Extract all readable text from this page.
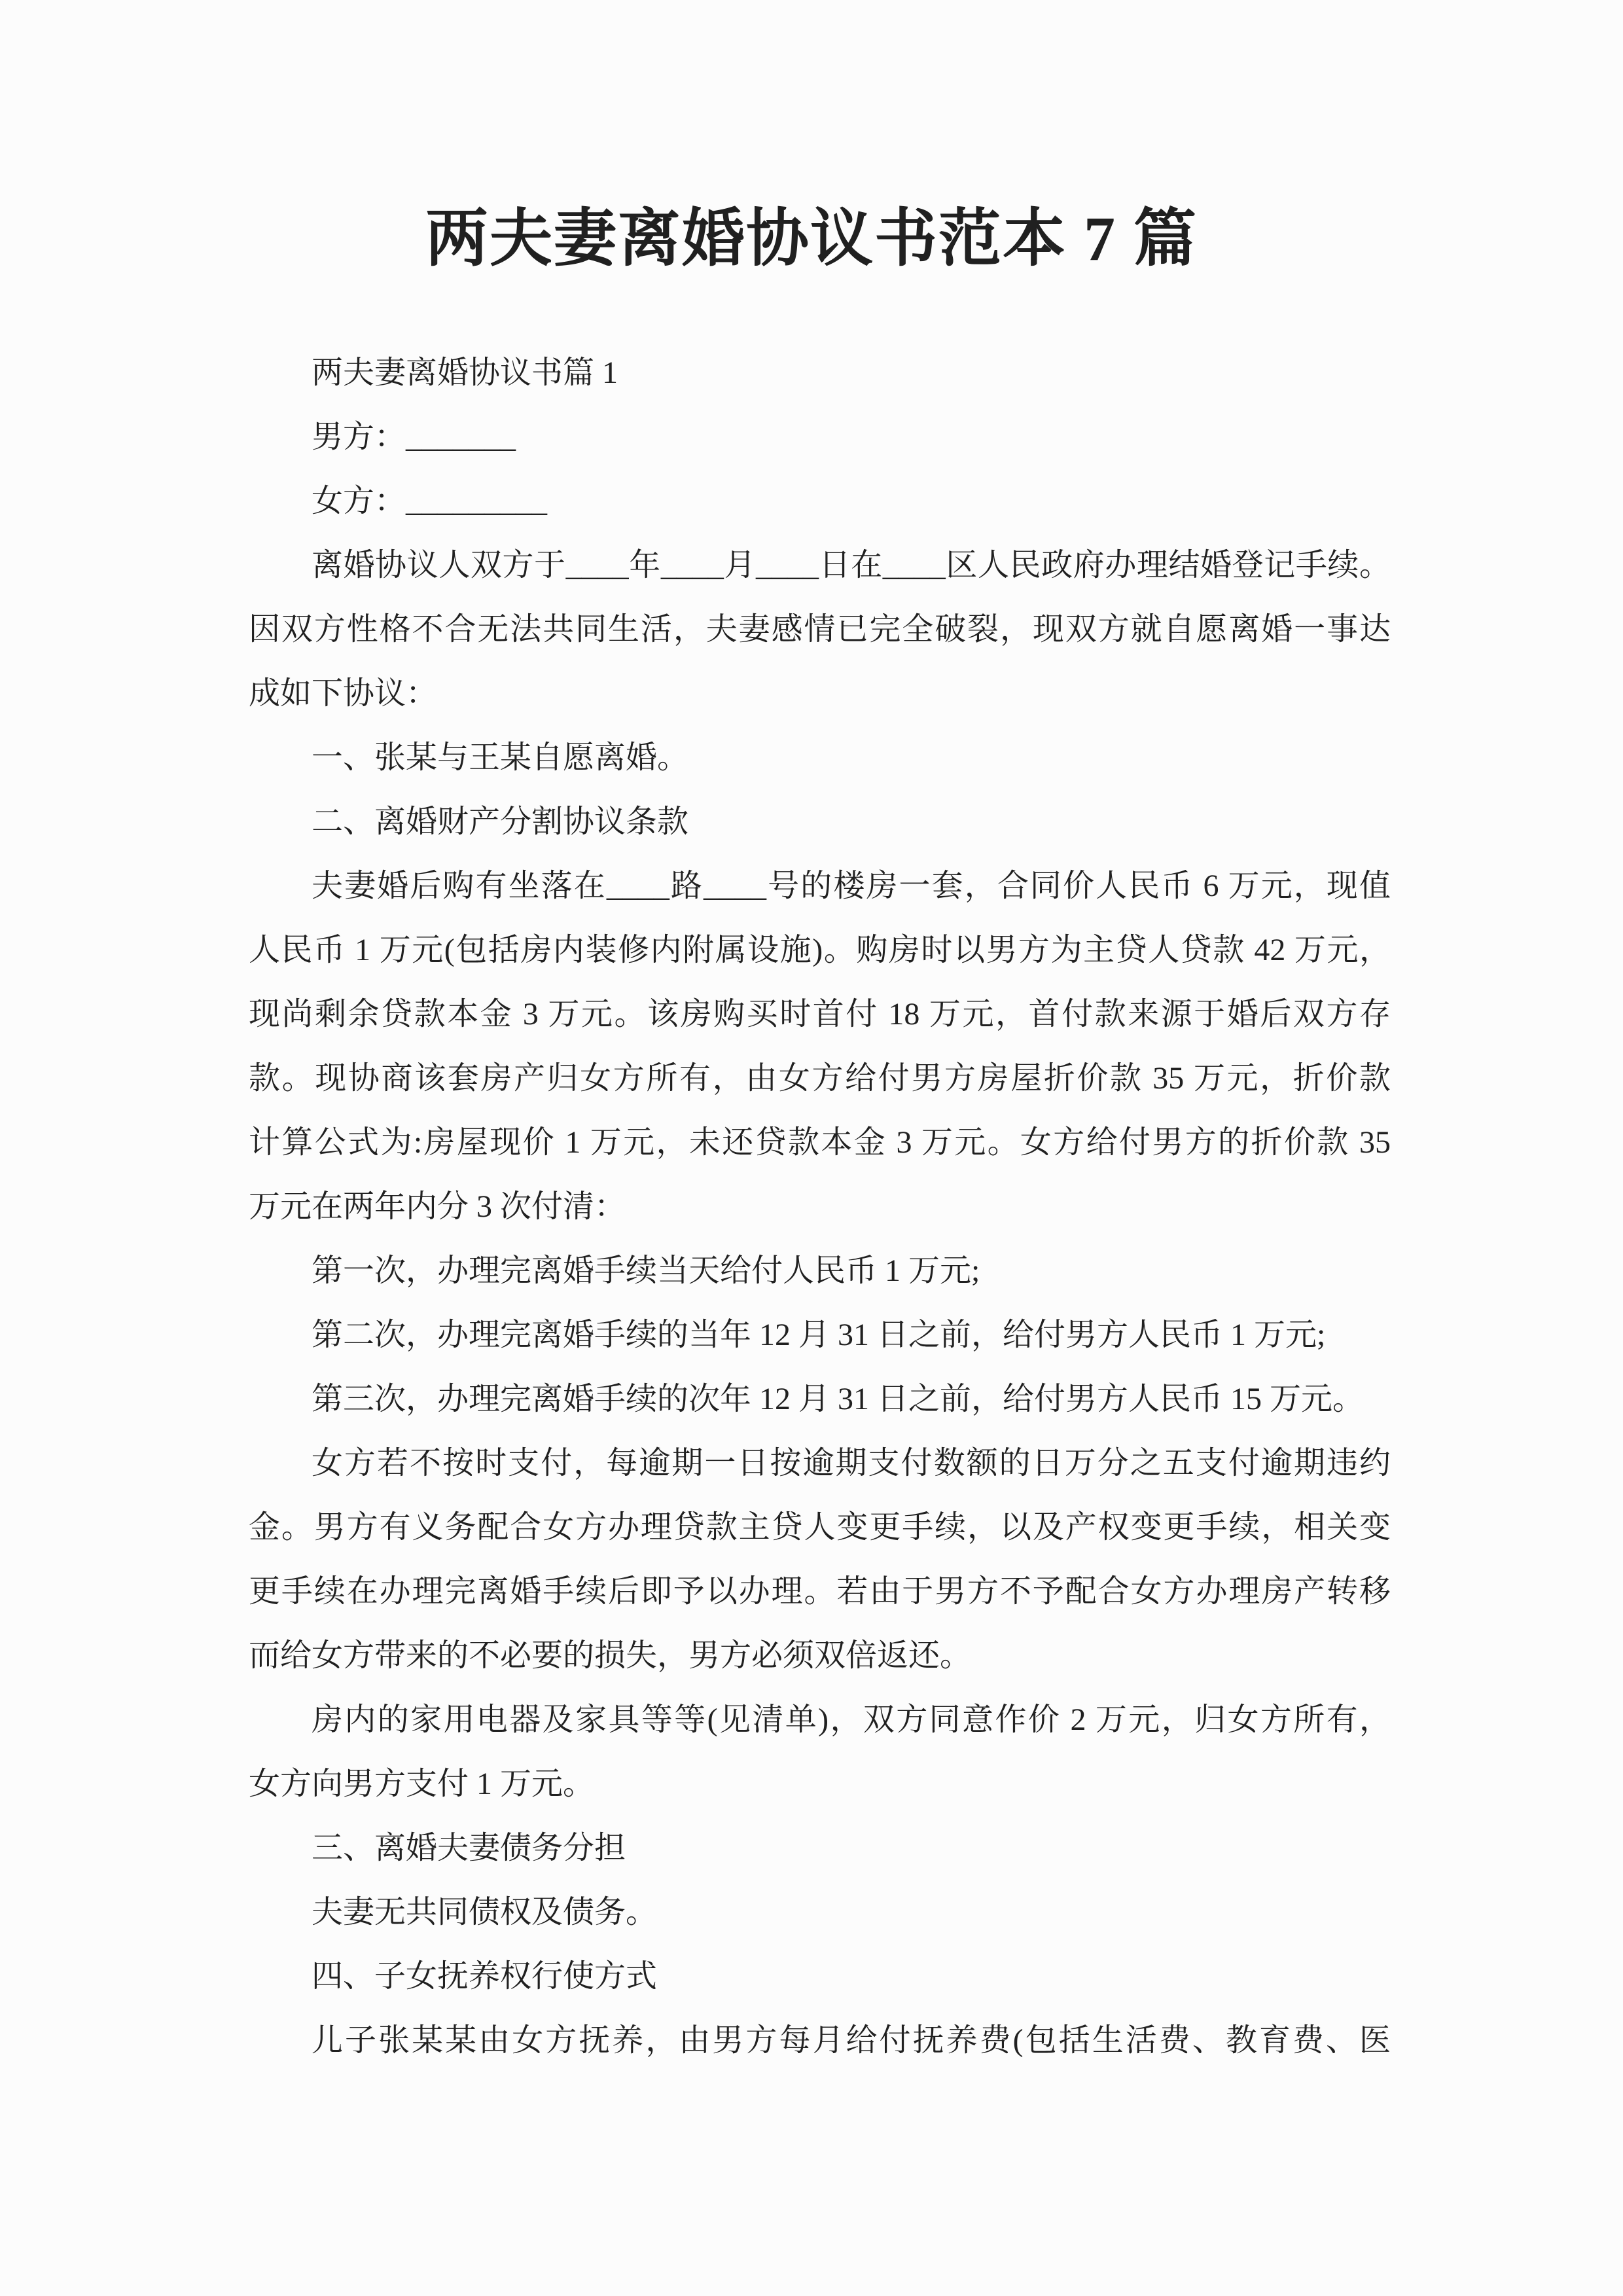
两夫妻离婚协议书范本 7 篇
两夫妻离婚协议书篇 1
男方：_______
女方：_________
离婚协议人双方于____年____月____日在____区人民政府办理结婚登记手续。
因双方性格不合无法共同生活，夫妻感情已完全破裂，现双方就自愿离婚一事达
成如下协议：
一、张某与王某自愿离婚。
二、离婚财产分割协议条款
夫妻婚后购有坐落在____路____号的楼房一套，合同价人民币 6 万元，现值
人民币 1 万元(包括房内装修内附属设施)。购房时以男方为主贷人贷款 42 万元，
现尚剩余贷款本金 3 万元。该房购买时首付 18 万元，首付款来源于婚后双方存
款。现协商该套房产归女方所有，由女方给付男方房屋折价款 35 万元，折价款
计算公式为:房屋现价 1 万元，未还贷款本金 3 万元。女方给付男方的折价款 35
万元在两年内分 3 次付清：
第一次，办理完离婚手续当天给付人民币 1 万元;
第二次，办理完离婚手续的当年 12 月 31 日之前，给付男方人民币 1 万元;
第三次，办理完离婚手续的次年 12 月 31 日之前，给付男方人民币 15 万元。
女方若不按时支付，每逾期一日按逾期支付数额的日万分之五支付逾期违约
金。男方有义务配合女方办理贷款主贷人变更手续，以及产权变更手续，相关变
更手续在办理完离婚手续后即予以办理。若由于男方不予配合女方办理房产转移
而给女方带来的不必要的损失，男方必须双倍返还。
房内的家用电器及家具等等(见清单)，双方同意作价 2 万元，归女方所有，
女方向男方支付 1 万元。
三、离婚夫妻债务分担
夫妻无共同债权及债务。
四、子女抚养权行使方式
儿子张某某由女方抚养，由男方每月给付抚养费(包括生活费、教育费、医
